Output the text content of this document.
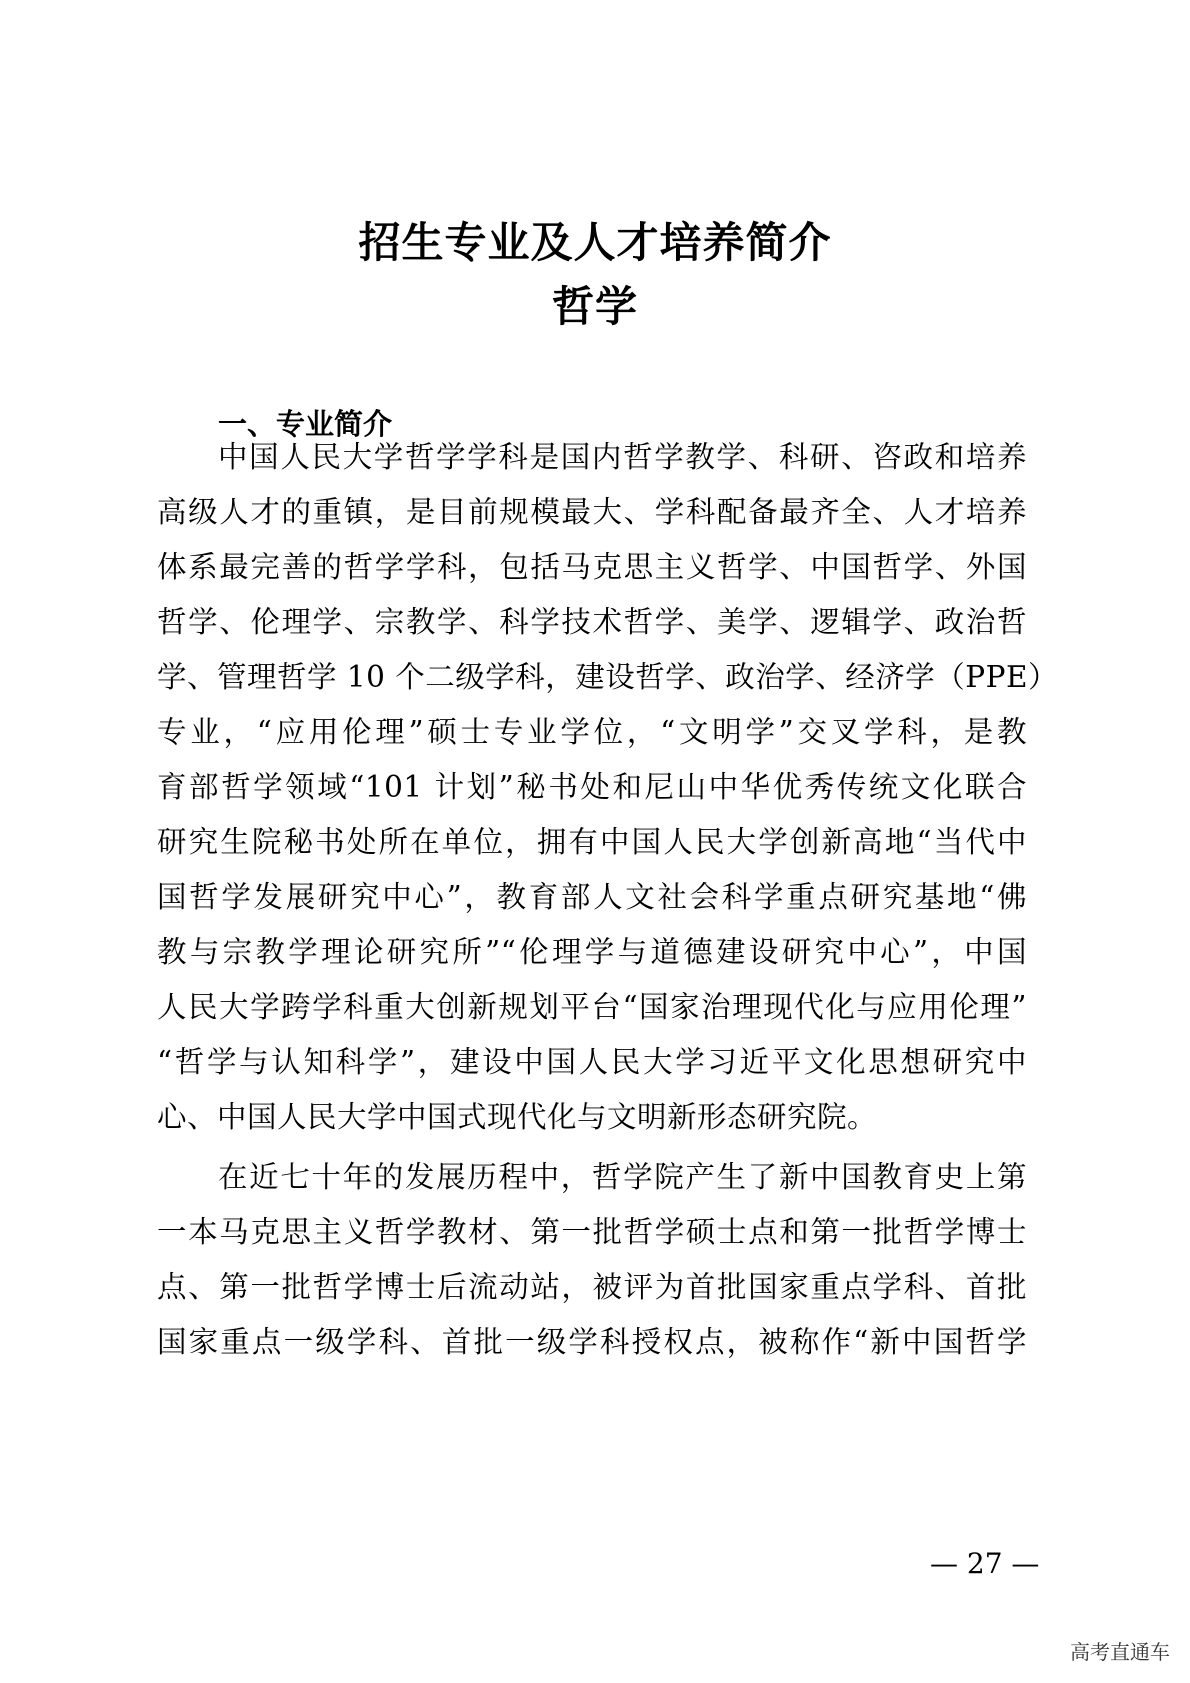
招生专业及人才培养简介
哲学
一、专业简介
中国人民大学哲学学科是国内哲学教学、科研、咨政和培养
高级人才的重镇，是目前规模最大、学科配备最齐全、人才培养
体系最完善的哲学学科，包括马克思主义哲学、中国哲学、外国
哲学、伦理学、宗教学、科学技术哲学、美学、逻辑学、政治哲
学、管理哲学 10 个二级学科，建设哲学、政治学、经济学（PPE）
专业，“应用伦理”硕士专业学位，“文明学”交叉学科，是教
育部哲学领域“101 计划”秘书处和尼山中华优秀传统文化联合
研究生院秘书处所在单位，拥有中国人民大学创新高地“当代中
国哲学发展研究中心”，教育部人文社会科学重点研究基地“佛
教与宗教学理论研究所”“伦理学与道德建设研究中心”，中国
人民大学跨学科重大创新规划平台“国家治理现代化与应用伦理”
“哲学与认知科学”，建设中国人民大学习近平文化思想研究中
心、中国人民大学中国式现代化与文明新形态研究院。
在近七十年的发展历程中，哲学院产生了新中国教育史上第
一本马克思主义哲学教材、第一批哲学硕士点和第一批哲学博士
点、第一批哲学博士后流动站，被评为首批国家重点学科、首批
国家重点一级学科、首批一级学科授权点，被称作“新中国哲学
— 27 —
高考直通车
